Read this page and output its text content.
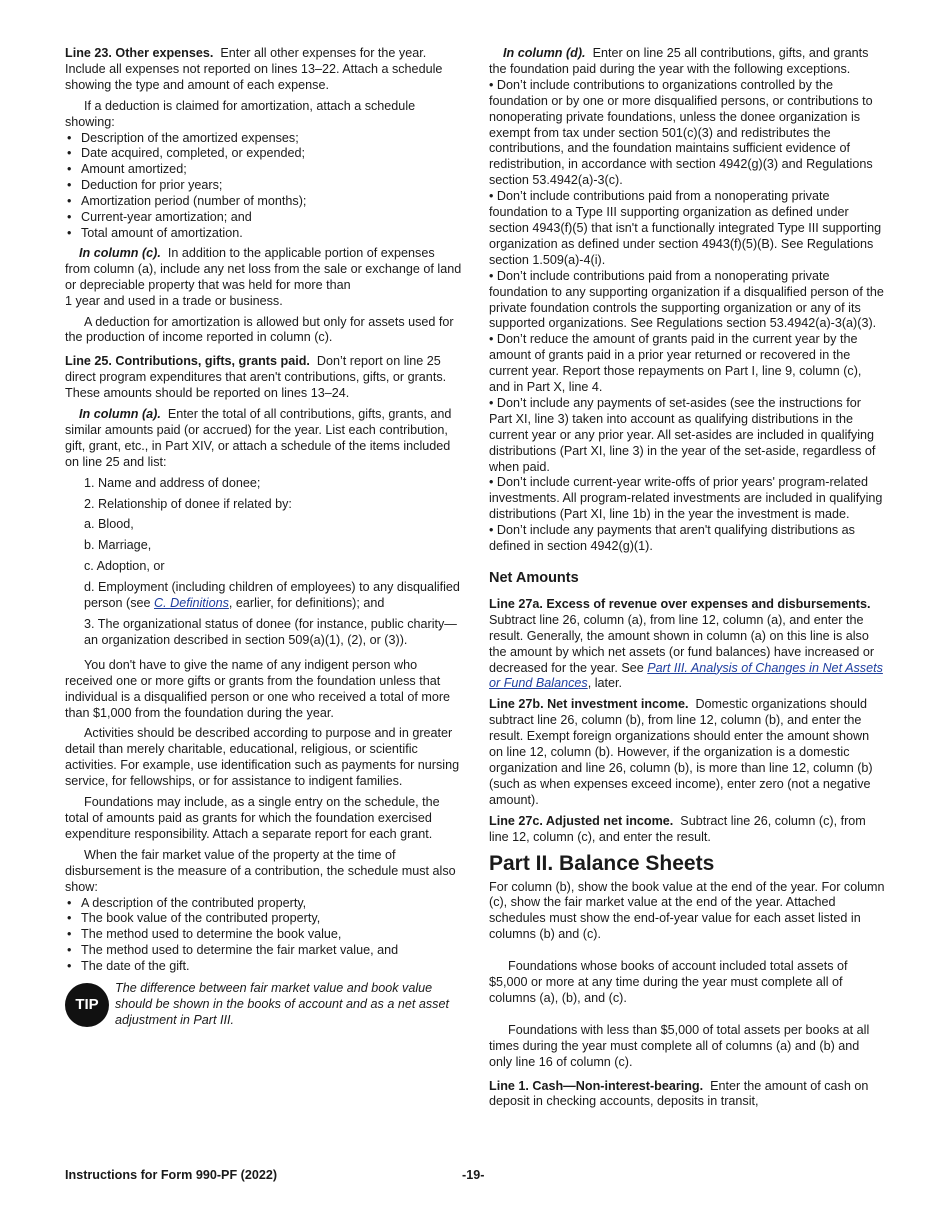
Line 23. Other expenses. Enter all other expenses for the year. Include all expenses not reported on lines 13–22. Attach a schedule showing the type and amount of each expense.

If a deduction is claimed for amortization, attach a schedule showing:

• Description of the amortized expenses;
• Date acquired, completed, or expended;
• Amount amortized;
• Deduction for prior years;
• Amortization period (number of months);
• Current-year amortization; and
• Total amount of amortization.

In column (c). In addition to the applicable portion of expenses from column (a), include any net loss from the sale or exchange of land or depreciable property that was held for more than

1 year and used in a trade or business.

A deduction for amortization is allowed but only for assets used for the production of income reported in column (c).

Line 25. Contributions, gifts, grants paid. Don’t report on line 25 direct program expenditures that aren't contributions, gifts, or grants. These amounts should be reported on lines 13–24.

In column (a). Enter the total of all contributions, gifts, grants, and similar amounts paid (or accrued) for the year. List each contribution, gift, grant, etc., in Part XIV, or attach a schedule of the items included on line 25 and list:

1. Name and address of donee;

2. Relationship of donee if related by:

a. Blood,

b. Marriage,

c. Adoption, or

d. Employment (including children of employees) to any disqualified person (see C. Definitions, earlier, for definitions); and

3. The organizational status of donee (for instance, public charity—an organization described in section 509(a)(1), (2), or (3)).

You don't have to give the name of any indigent person who received one or more gifts or grants from the foundation unless that individual is a disqualified person or one who received a total of more than $1,000 from the foundation during the year.

Activities should be described according to purpose and in greater detail than merely charitable, educational, religious, or scientific activities. For example, use identification such as payments for nursing service, for fellowships, or for assistance to indigent families.

Foundations may include, as a single entry on the schedule, the total of amounts paid as grants for which the foundation exercised expenditure responsibility. Attach a separate report for each grant.

When the fair market value of the property at the time of disbursement is the measure of a contribution, the schedule must also show:

• A description of the contributed property,
• The book value of the contributed property,
• The method used to determine the book value,
• The method used to determine the fair market value, and
• The date of the gift.
TIP
The difference between fair market value and book value should be shown in the books of account and as a net asset adjustment in Part III.

In column (d). Enter on line 25 all contributions, gifts, and grants the foundation paid during the year with the following exceptions.

• Don’t include contributions to organizations controlled by the foundation or by one or more disqualified persons, or contributions to nonoperating private foundations, unless the donee organization is exempt from tax under section 501(c)(3) and redistributes the contributions, and the foundation maintains sufficient evidence of redistribution, in accordance with section 4942(g)(3) and Regulations section 53.4942(a)-3(c).

• Don’t include contributions paid from a nonoperating private foundation to a Type III supporting organization as defined under section 4943(f)(5) that isn't a functionally integrated Type III supporting organization as defined under section 4943(f)(5)(B). See Regulations section 1.509(a)-4(i).

• Don’t include contributions paid from a nonoperating private foundation to any supporting organization if a disqualified person of the private foundation controls the supporting organization or any of its supported organizations. See Regulations section 53.4942(a)-3(a)(3).

• Don’t reduce the amount of grants paid in the current year by the amount of grants paid in a prior year returned or recovered in the current year. Report those repayments on Part I, line 9, column (c), and in Part X, line 4.

• Don’t include any payments of set-asides (see the instructions for Part XI, line 3) taken into account as qualifying distributions in the current year or any prior year. All set-asides are included in qualifying distributions (Part XI, line 3) in the year of the set-aside, regardless of when paid.

• Don’t include current-year write-offs of prior years' program-related investments. All program-related investments are included in qualifying distributions (Part XI, line 1b) in the year the investment is made.

• Don’t include any payments that aren't qualifying distributions as defined in section 4942(g)(1).

Net Amounts

Line 27a. Excess of revenue over expenses and disbursements.  Subtract line 26, column (a), from line 12, column (a), and enter the result. Generally, the amount shown in column (a) on this line is also the amount by which net assets (or fund balances) have increased or decreased for the year. See Part III. Analysis of Changes in Net Assets or Fund Balances, later.

Line 27b. Net investment income. Domestic organizations should subtract line 26, column (b), from line 12, column (b), and enter the result. Exempt foreign organizations should enter the amount shown on line 12, column (b). However, if the organization is a domestic organization and line 26, column (b), is more than line 12, column (b) (such as when expenses exceed income), enter zero (not a negative amount).

Line 27c. Adjusted net income. Subtract line 26, column (c), from line 12, column (c), and enter the result.

Part II. Balance Sheets

For column (b), show the book value at the end of the year. For column (c), show the fair market value at the end of the year. Attached schedules must show the end-of-year value for each asset listed in columns (b) and (c).

Foundations whose books of account included total assets of $5,000 or more at any time during the year must complete all of columns (a), (b), and (c).

Foundations with less than $5,000 of total assets per books at all times during the year must complete all of columns (a) and (b) and only line 16 of column (c).

Line 1. Cash—Non-interest-bearing. Enter the amount of cash on deposit in checking accounts, deposits in transit,

Instructions for Form 990-PF (2022)	-19-
